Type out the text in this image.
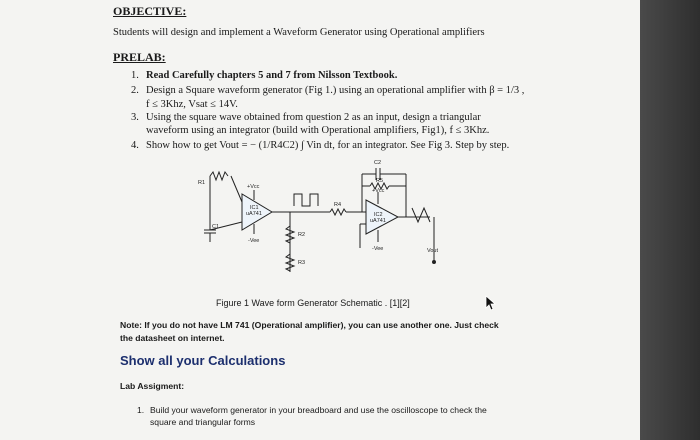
OBJECTIVE:
Students will design and implement a Waveform Generator using Operational amplifiers
PRELAB:
1. Read Carefully chapters 5 and 7 from Nilsson Textbook.
2. Design a Square waveform generator (Fig 1.) using an operational amplifier with β = 1/3 ,
f ≤ 3Khz, Vsat ≤ 14V.
3. Using the square wave obtained from question 2 as an input, design a triangular
waveform using an integrator (build with Operational amplifiers, Fig1), f ≤ 3Khz.
4. Show how to get Vout = − (1/R4C2) ∫ Vin dt, for an integrator. See Fig 3. Step by step.
R1
C1
+Vcc
IC1
uA741
-Vee
R2
R3
R4
C2
R5
+Vcc
IC2
uA741
-Vee	Vout
Figure 1 Wave form Generator Schematic . [1][2]
Note: If you do not have LM 741 (Operational amplifier), you can use another one. Just check
the datasheet on internet.
Show all your Calculations
Lab Assigment:
1. Build your waveform generator in your breadboard and use the oscilloscope to check the
square and triangular forms
